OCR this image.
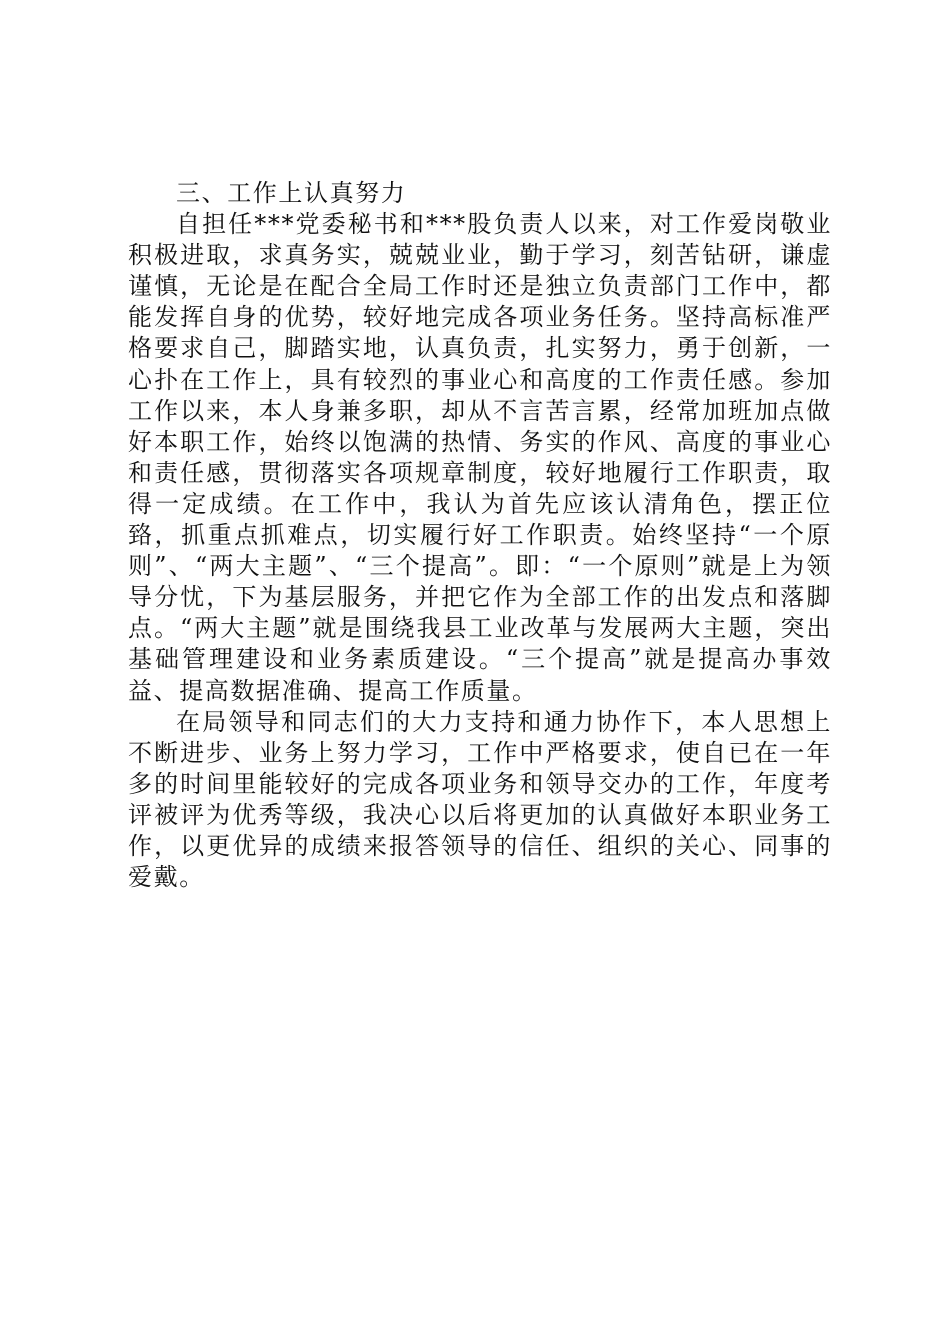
三、工作上认真努力

自担任***党委秘书和***股负责人以来，对工作爱岗敬业积极进取，求真务实，兢兢业业，勤于学习，刻苦钻研，谦虚谨慎，无论是在配合全局工作时还是独立负责部门工作中，都能发挥自身的优势，较好地完成各项业务任务。坚持高标准严格要求自己，脚踏实地，认真负责，扎实努力，勇于创新，一心扑在工作上，具有较烈的事业心和高度的工作责任感。参加工作以来，本人身兼多职，却从不言苦言累，经常加班加点做好本职工作，始终以饱满的热情、务实的作风、高度的事业心和责任感，贯彻落实各项规章制度，较好地履行工作职责，取得一定成绩。在工作中，我认为首先应该认清角色，摆正位臵，抓重点抓难点，切实履行好工作职责。始终坚持“一个原则”、“两大主题”、“三个提高”。即：“一个原则”就是上为领导分忧，下为基层服务，并把它作为全部工作的出发点和落脚点。“两大主题”就是围绕我县工业改革与发展两大主题，突出基础管理建设和业务素质建设。“三个提高”就是提高办事效益、提高数据准确、提高工作质量。

在局领导和同志们的大力支持和通力协作下，本人思想上不断进步、业务上努力学习，工作中严格要求，使自已在一年多的时间里能较好的完成各项业务和领导交办的工作，年度考评被评为优秀等级，我决心以后将更加的认真做好本职业务工作，以更优异的成绩来报答领导的信任、组织的关心、同事的爱戴。
